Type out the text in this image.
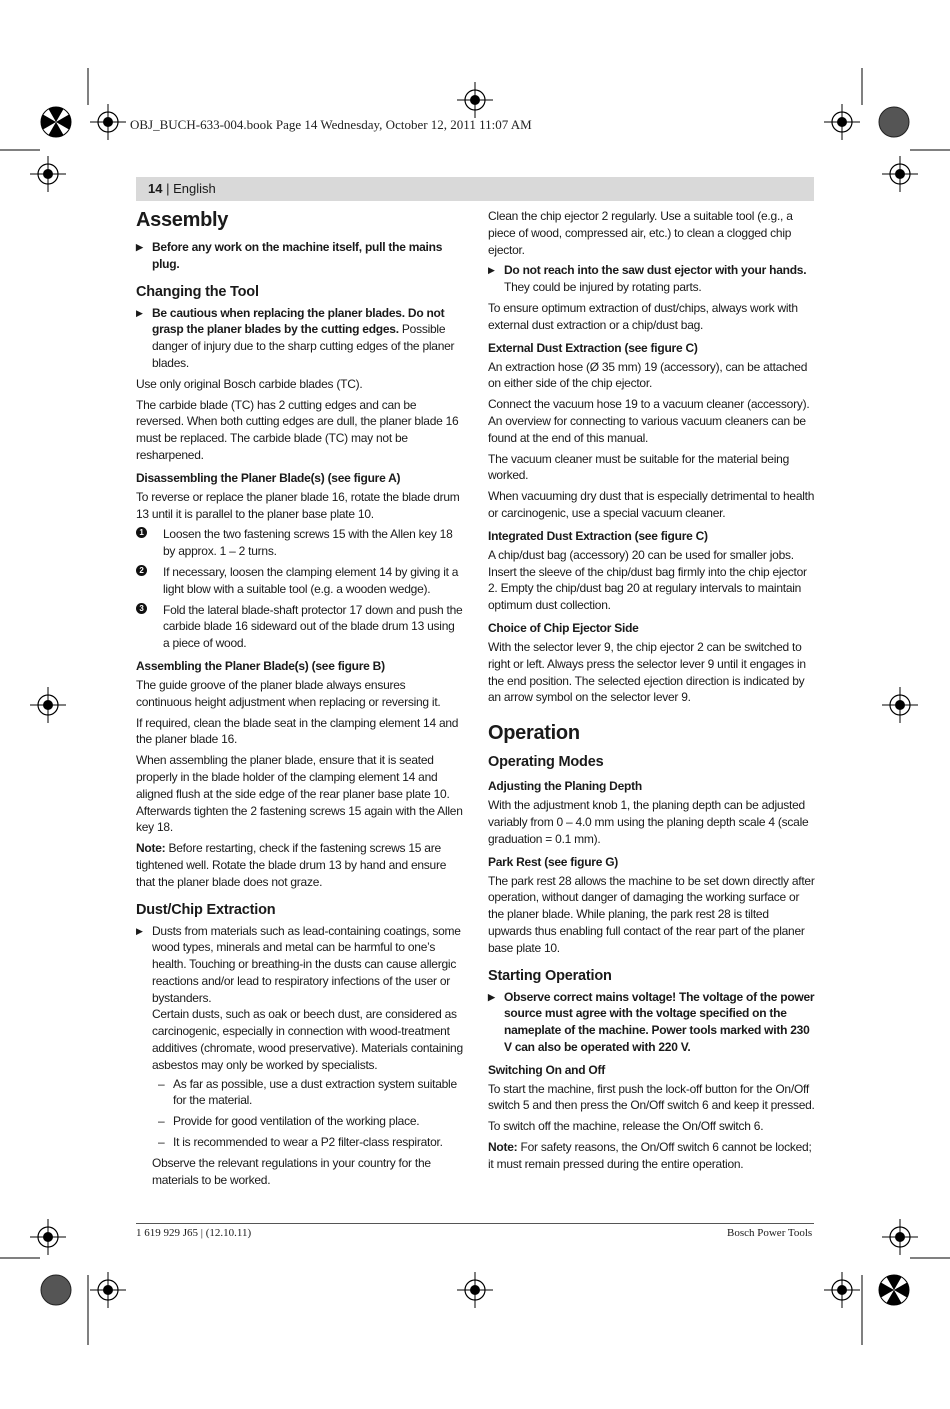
OBJ_BUCH-633-004.book Page 14 Wednesday, October 12, 2011 11:07 AM
14 | English
Assembly

▶ Before any work on the machine itself, pull the mains plug.

Changing the Tool

▶ Be cautious when replacing the planer blades. Do not grasp the planer blades by the cutting edges. Possible danger of injury due to the sharp cutting edges of the planer blades.

Use only original Bosch carbide blades (TC).

The carbide blade (TC) has 2 cutting edges and can be reversed. When both cutting edges are dull, the planer blade 16 must be replaced. The carbide blade (TC) may not be resharpened.

Disassembling the Planer Blade(s) (see figure A)

To reverse or replace the planer blade 16, rotate the blade drum 13 until it is parallel to the planer base plate 10.

1 Loosen the two fastening screws 15 with the Allen key 18 by approx. 1 – 2 turns.

2 If necessary, loosen the clamping element 14 by giving it a light blow with a suitable tool (e.g. a wooden wedge).

3 Fold the lateral blade-shaft protector 17 down and push the carbide blade 16 sideward out of the blade drum 13 using a piece of wood.

Assembling the Planer Blade(s) (see figure B)

The guide groove of the planer blade always ensures continuous height adjustment when replacing or reversing it.

If required, clean the blade seat in the clamping element 14 and the planer blade 16.

When assembling the planer blade, ensure that it is seated properly in the blade holder of the clamping element 14 and aligned flush at the side edge of the rear planer base plate 10. Afterwards tighten the 2 fastening screws 15 again with the Allen key 18.

Note: Before restarting, check if the fastening screws 15 are tightened well. Rotate the blade drum 13 by hand and ensure that the planer blade does not graze.

Dust/Chip Extraction

▶ Dusts from materials such as lead-containing coatings, some wood types, minerals and metal can be harmful to one’s health. Touching or breathing-in the dusts can cause allergic reactions and/or lead to respiratory infections of the user or bystanders.

Certain dusts, such as oak or beech dust, are considered as carcinogenic, especially in connection with wood-treatment additives (chromate, wood preservative). Materials containing asbestos may only be worked by specialists.

– As far as possible, use a dust extraction system suitable for the material.

– Provide for good ventilation of the working place.

– It is recommended to wear a P2 filter-class respirator.

Observe the relevant regulations in your country for the materials to be worked.

Clean the chip ejector 2 regularly. Use a suitable tool (e.g., a piece of wood, compressed air, etc.) to clean a clogged chip ejector.

▶ Do not reach into the saw dust ejector with your hands. They could be injured by rotating parts.

To ensure optimum extraction of dust/chips, always work with external dust extraction or a chip/dust bag.

External Dust Extraction (see figure C)

An extraction hose (Ø 35 mm) 19 (accessory), can be attached on either side of the chip ejector.

Connect the vacuum hose 19 to a vacuum cleaner (accessory). An overview for connecting to various vacuum cleaners can be found at the end of this manual.

The vacuum cleaner must be suitable for the material being worked.

When vacuuming dry dust that is especially detrimental to health or carcinogenic, use a special vacuum cleaner.

Integrated Dust Extraction (see figure C)

A chip/dust bag (accessory) 20 can be used for smaller jobs. Insert the sleeve of the chip/dust bag firmly into the chip ejector 2. Empty the chip/dust bag 20 at regulary intervals to maintain optimum dust collection.

Choice of Chip Ejector Side

With the selector lever 9, the chip ejector 2 can be switched to right or left. Always press the selector lever 9 until it engages in the end position. The selected ejection direction is indicated by an arrow symbol on the selector lever 9.

Operation
Operating Modes
Adjusting the Planing Depth

With the adjustment knob 1, the planing depth can be adjusted variably from 0 – 4.0 mm using the planing depth scale 4 (scale graduation = 0.1 mm).

Park Rest (see figure G)

The park rest 28 allows the machine to be set down directly after operation, without danger of damaging the working surface or the planer blade. While planing, the park rest 28 is tilted upwards thus enabling full contact of the rear part of the planer base plate 10.

Starting Operation

▶ Observe correct mains voltage! The voltage of the power source must agree with the voltage specified on the nameplate of the machine. Power tools marked with 230 V can also be operated with 220 V.

Switching On and Off

To start the machine, first push the lock-off button for the On/Off switch 5 and then press the On/Off switch 6 and keep it pressed.

To switch off the machine, release the On/Off switch 6.

Note: For safety reasons, the On/Off switch 6 cannot be locked; it must remain pressed during the entire operation.

1 619 929 J65 | (12.10.11)	Bosch Power Tools
